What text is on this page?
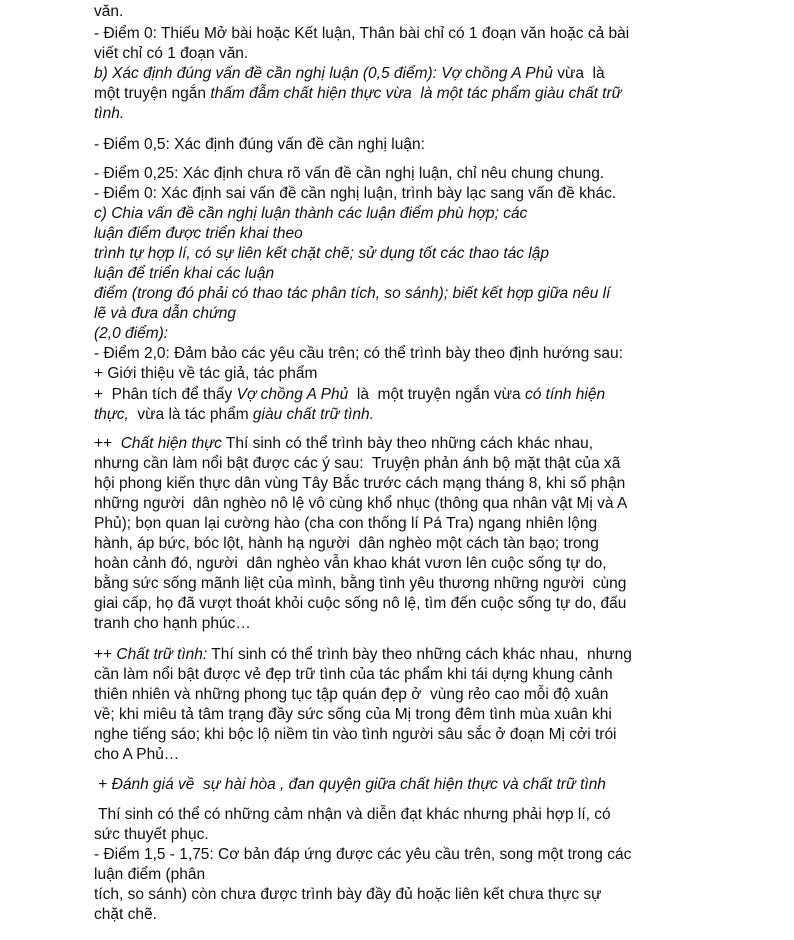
văn.
- Điểm 0: Thiếu Mở bài hoặc Kết luận, Thân bài chỉ có 1 đoạn văn hoặc cả bài
viết chỉ có 1 đoạn văn.
b) Xác định đúng vấn đề cần nghị luận (0,5 điểm): Vợ chồng A Phủ vừa  là
một truyện ngắn thấm đẫm chất hiện thực vừa  là một tác phẩm giàu chất trữ
tình.
- Điểm 0,5: Xác định đúng vấn đề cần nghị luận:
- Điểm 0,25: Xác định chưa rõ vấn đề cần nghị luận, chỉ nêu chung chung.
- Điểm 0: Xác định sai vấn đề cần nghị luận, trình bày lạc sang vấn đề khác.
c) Chia vấn đề cần nghị luận thành các luận điểm phù hợp; các
luận điểm được triển khai theo
trình tự hợp lí, có sự liên kết chặt chẽ; sử dụng tốt các thao tác lập
luận để triển khai các luận
điểm (trong đó phải có thao tác phân tích, so sánh); biết kết hợp giữa nêu lí
lẽ và đưa dẫn chứng
(2,0 điểm):
- Điểm 2,0: Đảm bảo các yêu cầu trên; có thể trình bày theo định hướng sau:
+ Giới thiệu về tác giả, tác phẩm
+  Phân tích để thấy Vợ chồng A Phủ  là  một truyện ngắn vừa có tính hiện
thực,  vừa là tác phẩm giàu chất trữ tình.
++  Chất hiện thực Thí sinh có thể trình bày theo những cách khác nhau,
nhưng cần làm nổi bật được các ý sau:  Truyện phản ánh bộ mặt thật của xã
hội phong kiến thực dân vùng Tây Bắc trước cách mạng tháng 8, khi số phận
những người  dân nghèo nô lệ vô cùng khổ nhục (thông qua nhân vật Mị và A
Phủ); bọn quan lại cường hào (cha con thống lí Pá Tra) ngang nhiên lộng
hành, áp bức, bóc lột, hành hạ người  dân nghèo một cách tàn bạo; trong
hoàn cảnh đó, người  dân nghèo vẫn khao khát vươn lên cuộc sống tự do,
bằng sức sống mãnh liệt của mình, bằng tình yêu thương những người  cùng
giai cấp, họ đã vượt thoát khỏi cuộc sống nô lệ, tìm đến cuộc sống tự do, đấu
tranh cho hạnh phúc…
++ Chất trữ tình: Thí sinh có thể trình bày theo những cách khác nhau,  nhưng
cần làm nổi bật được vẻ đẹp trữ tình của tác phẩm khi tái dựng khung cảnh
thiên nhiên và những phong tục tập quán đẹp ở  vùng rẻo cao mỗi độ xuân
về; khi miêu tả tâm trạng đầy sức sống của Mị trong đêm tình mùa xuân khi
nghe tiếng sáo; khi bộc lộ niềm tin vào tình người sâu sắc ở đoạn Mị cởi trói
cho A Phủ…
+ Đánh giá về  sự hài hòa , đan quyện giữa chất hiện thực và chất trữ tình
Thí sinh có thể có những cảm nhận và diễn đạt khác nhưng phải hợp lí, có
sức thuyết phục.
- Điểm 1,5 - 1,75: Cơ bản đáp ứng được các yêu cầu trên, song một trong các
luận điểm (phân
tích, so sánh) còn chưa được trình bày đầy đủ hoặc liên kết chưa thực sự
chặt chẽ.
